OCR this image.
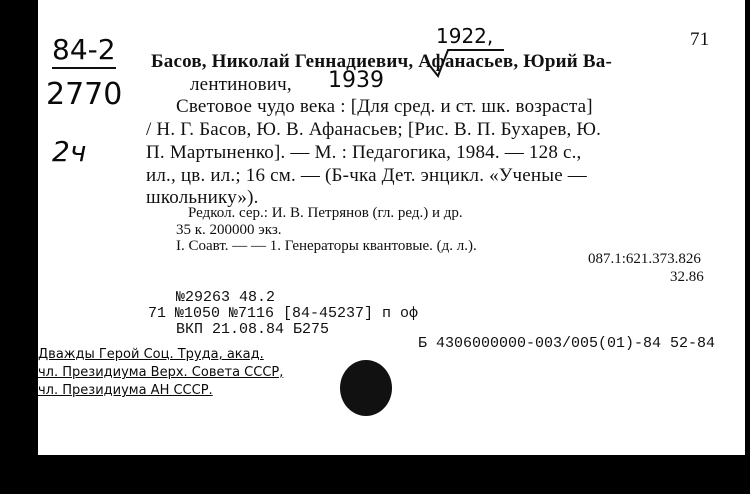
84-2
2770
2ч
1922,	71
Басов, Николай Геннадиевич, Афанасьев, Юрий Ва-
лентинович, 1939
Световое чудо века : [Для сред. и ст. шк. возраста]
/ Н. Г. Басов, Ю. В. Афанасьев; [Рис. В. П. Бухарев, Ю.
П. Мартыненко]. — М. : Педагогика, 1984. — 128 с.,
ил., цв. ил.; 16 см. — (Б-чка Дет. энцикл. «Ученые —
школьнику»).
Редкол. сер.: И. В. Петрянов (гл. ред.) и др.
35 к. 200000 экз.
I. Соавт. — — 1. Генераторы квантовые. (д. л.).
087.1:621.373.826
32.86
№29263 48.2
71 №1050 №7116 [84-45237] п оф
ВКП 21.08.84 Б275
Б 4306000000-003/005(01)-84 52-84
Дважды Герой Соц. Труда, акад.
чл. Президиума Верх. Совета СССР,
чл. Президиума АН СССР.
